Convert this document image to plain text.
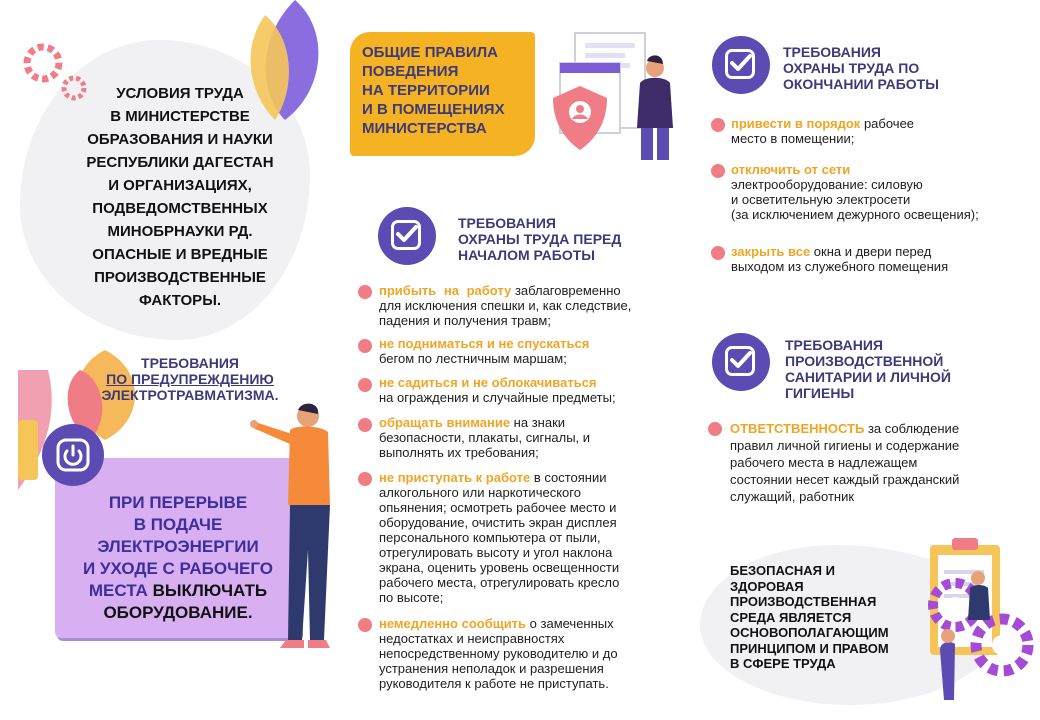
УСЛОВИЯ ТРУДА
В МИНИСТЕРСТВЕ
ОБРАЗОВАНИЯ И НАУКИ
РЕСПУБЛИКИ ДАГЕСТАН
И ОРГАНИЗАЦИЯХ,
ПОДВЕДОМСТВЕННЫХ
МИНОБРНАУКИ РД.
ОПАСНЫЕ И ВРЕДНЫЕ
ПРОИЗВОДСТВЕННЫЕ
ФАКТОРЫ.
ОБЩИЕ ПРАВИЛА
ПОВЕДЕНИЯ
НА ТЕРРИТОРИИ
И В ПОМЕЩЕНИЯХ
МИНИСТЕРСТВА
ТРЕБОВАНИЯ
ОХРАНЫ ТРУДА ПО
ОКОНЧАНИИ РАБОТЫ
привести в порядок рабочее
место в помещении;
отключить от сети
электрооборудование: силовую
и осветительную электросети
(за исключением дежурного освещения);
закрыть все окна и двери перед
выходом из служебного помещения
ТРЕБОВАНИЯ
ОХРАНЫ ТРУДА ПЕРЕД
НАЧАЛОМ РАБОТЫ
прибыть на работу заблаговременно
для исключения спешки и, как следствие,
падения и получения травм;
не подниматься и не спускаться
бегом по лестничным маршам;
не садиться и не облокачиваться
на ограждения и случайные предметы;
обращать внимание на знаки
безопасности, плакаты, сигналы, и
выполнять их требования;
не приступать к работе в состоянии
алкогольного или наркотического
опьянения; осмотреть рабочее место и
оборудование, очистить экран дисплея
персонального компьютера от пыли,
отрегулировать высоту и угол наклона
экрана, оценить уровень освещенности
рабочего места, отрегулировать кресло
по высоте;
немедленно сообщить о замеченных
недостатках и неисправностях
непосредственному руководителю и до
устранения неполадок и разрешения
руководителя к работе не приступать.
ТРЕБОВАНИЯ
ПО ПРЕДУПРЕЖДЕНИЮ
ЭЛЕКТРОТРАВМАТИЗМА.
ПРИ ПЕРЕРЫВЕ
В ПОДАЧЕ
ЭЛЕКТРОЭНЕРГИИ
И УХОДЕ С РАБОЧЕГО
МЕСТА ВЫКЛЮЧАТЬ
ОБОРУДОВАНИЕ.
ТРЕБОВАНИЯ
ПРОИЗВОДСТВЕННОЙ
САНИТАРИИ И ЛИЧНОЙ
ГИГИЕНЫ
ОТВЕТСТВЕННОСТЬ за соблюдение
правил личной гигиены и содержание
рабочего места в надлежащем
состоянии несет каждый гражданский
служащий, работник
БЕЗОПАСНАЯ И
ЗДОРОВАЯ
ПРОИЗВОДСТВЕННАЯ
СРЕДА ЯВЛЯЕТСЯ
ОСНОВОПОЛАГАЮЩИМ
ПРИНЦИПОМ И ПРАВОМ
В СФЕРЕ ТРУДА
